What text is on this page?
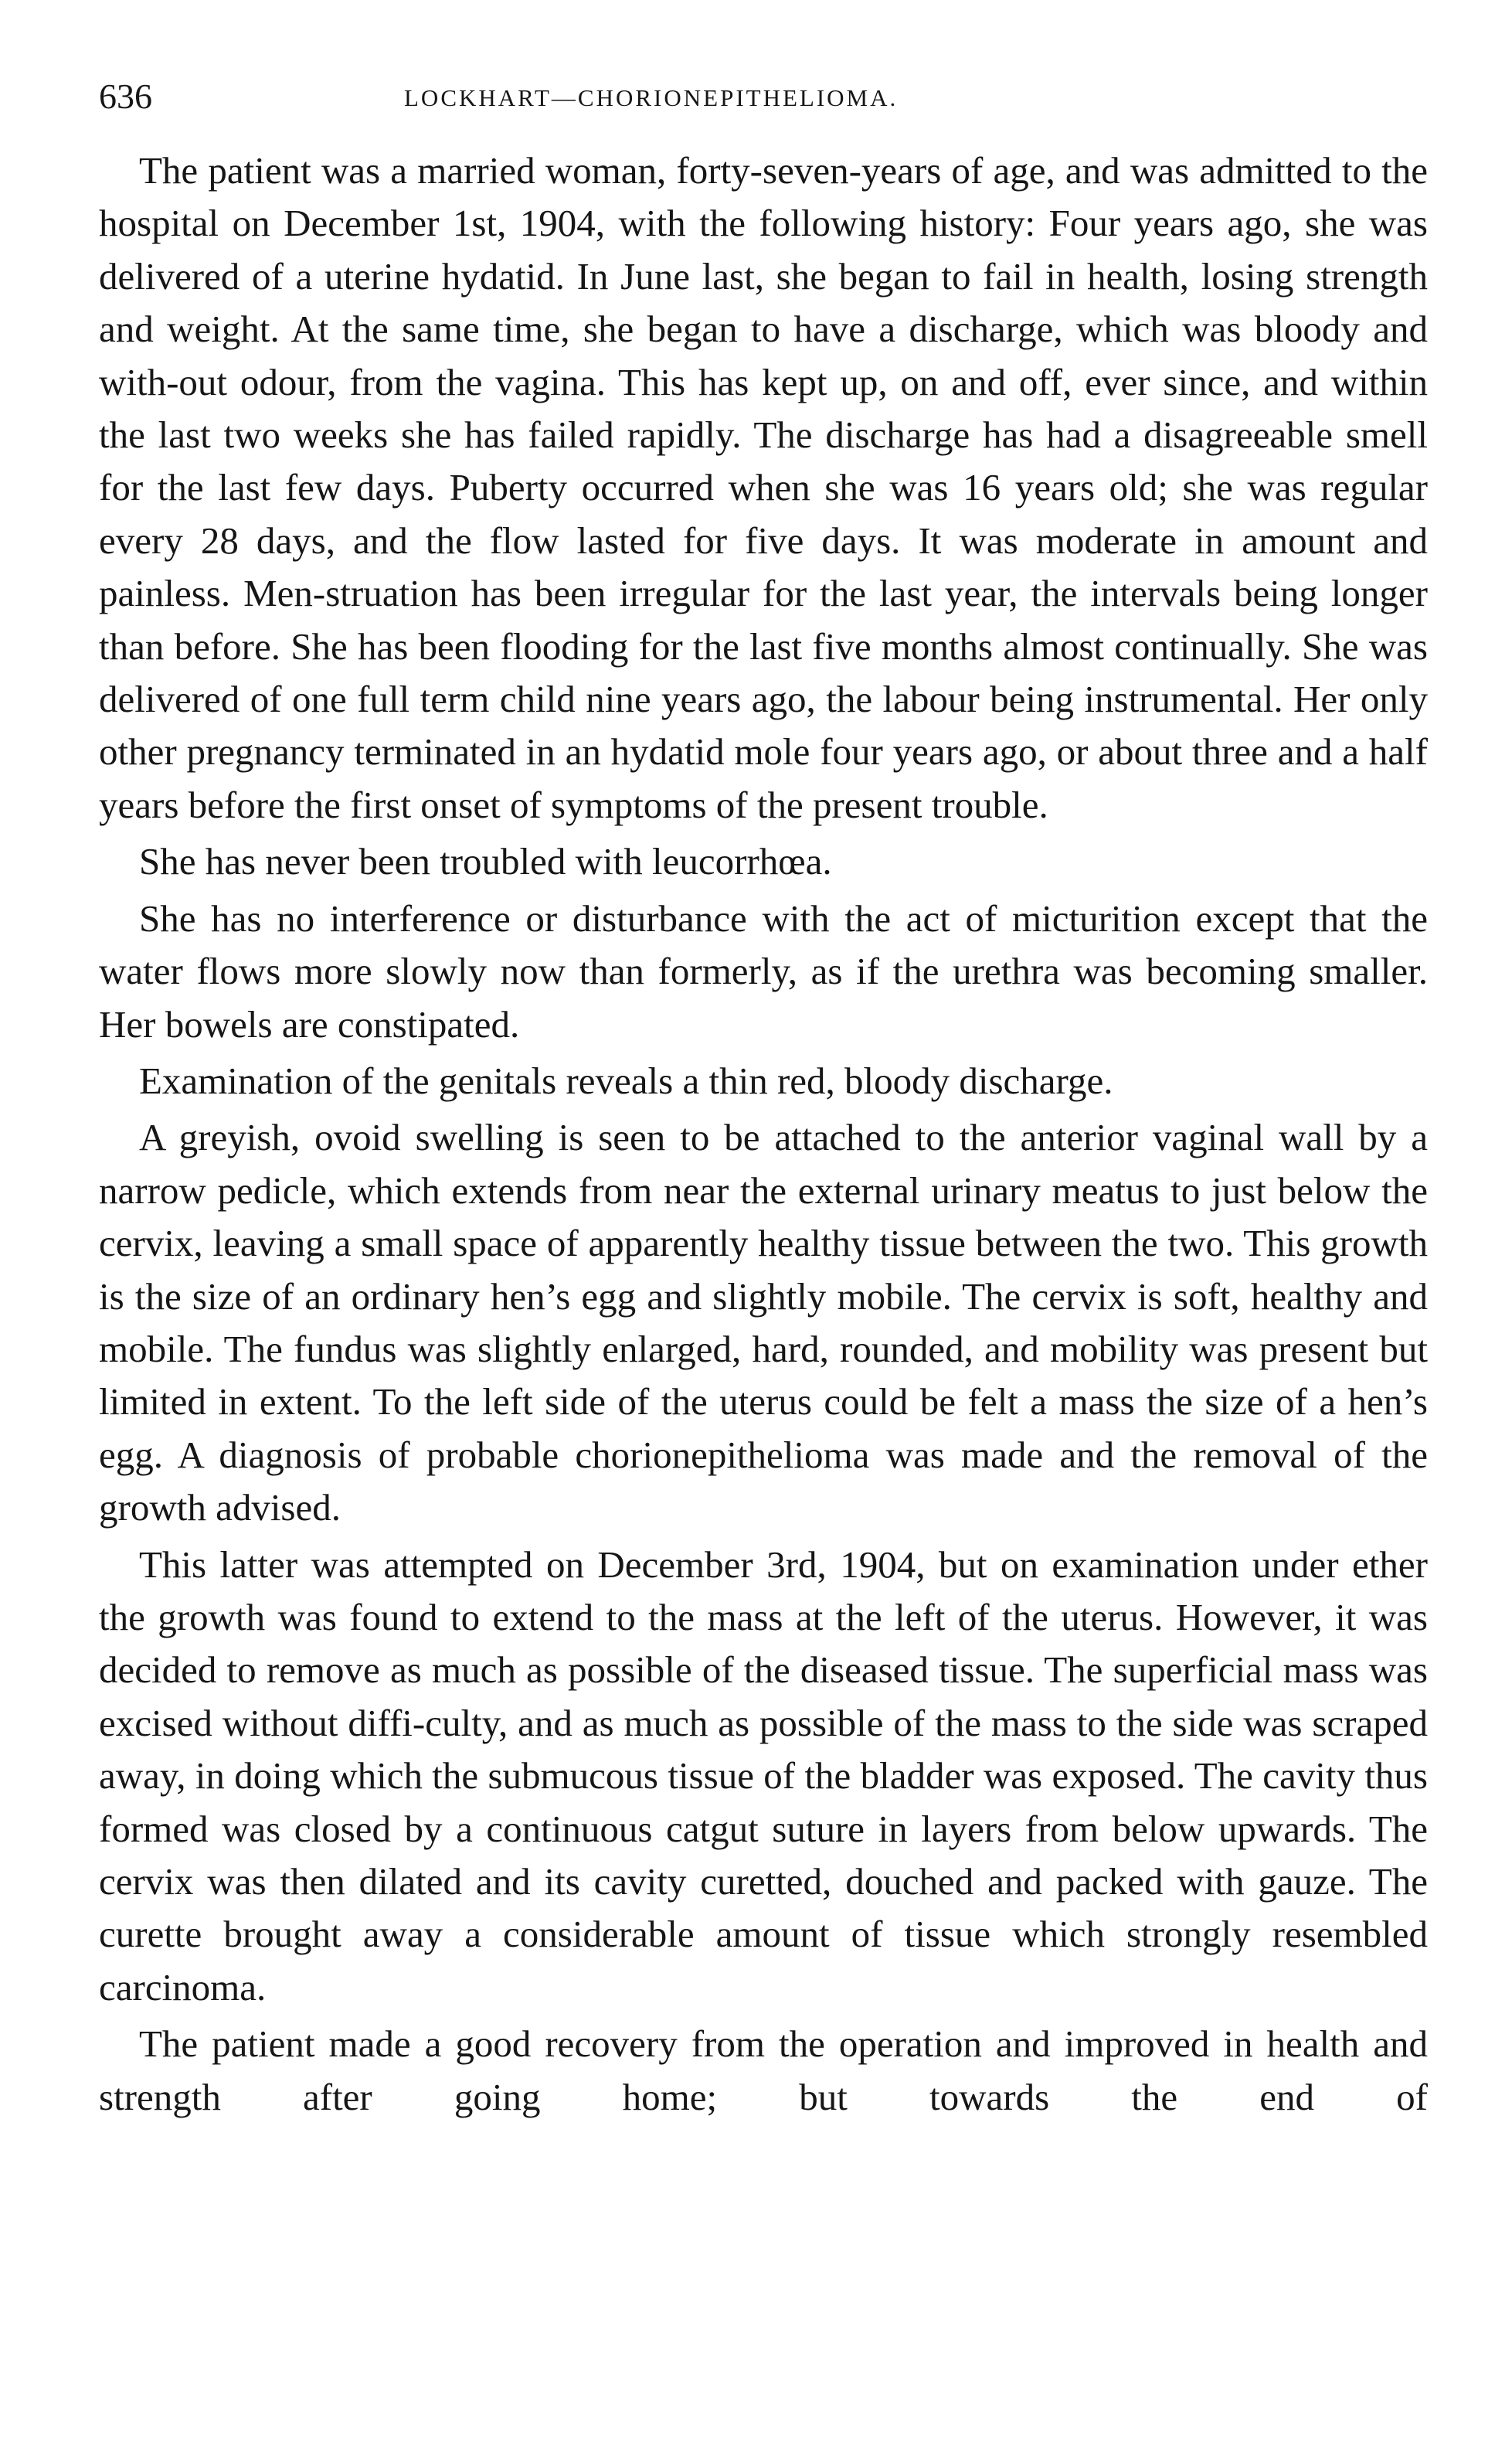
636	LOCKHART—CHORIONEPITHELIOMA.

The patient was a married woman, forty-seven-years of age, and was admitted to the hospital on December 1st, 1904, with the following history: Four years ago, she was delivered of a uterine hydatid. In June last, she began to fail in health, losing strength and weight. At the same time, she began to have a discharge, which was bloody and with-out odour, from the vagina. This has kept up, on and off, ever since, and within the last two weeks she has failed rapidly. The discharge has had a disagreeable smell for the last few days. Puberty occurred when she was 16 years old; she was regular every 28 days, and the flow lasted for five days. It was moderate in amount and painless. Men-struation has been irregular for the last year, the intervals being longer than before. She has been flooding for the last five months almost continually. She was delivered of one full term child nine years ago, the labour being instrumental. Her only other pregnancy terminated in an hydatid mole four years ago, or about three and a half years before the first onset of symptoms of the present trouble.

She has never been troubled with leucorrhœa.

She has no interference or disturbance with the act of micturition except that the water flows more slowly now than formerly, as if the urethra was becoming smaller. Her bowels are constipated.

Examination of the genitals reveals a thin red, bloody discharge.

A greyish, ovoid swelling is seen to be attached to the anterior vaginal wall by a narrow pedicle, which extends from near the external urinary meatus to just below the cervix, leaving a small space of apparently healthy tissue between the two. This growth is the size of an ordinary hen’s egg and slightly mobile. The cervix is soft, healthy and mobile. The fundus was slightly enlarged, hard, rounded, and mobility was present but limited in extent. To the left side of the uterus could be felt a mass the size of a hen’s egg. A diagnosis of probable chorionepithelioma was made and the removal of the growth advised.

This latter was attempted on December 3rd, 1904, but on examination under ether the growth was found to extend to the mass at the left of the uterus. However, it was decided to remove as much as possible of the diseased tissue. The superficial mass was excised without diffi-culty, and as much as possible of the mass to the side was scraped away, in doing which the submucous tissue of the bladder was exposed. The cavity thus formed was closed by a continuous catgut suture in layers from below upwards. The cervix was then dilated and its cavity curetted, douched and packed with gauze. The curette brought away a considerable amount of tissue which strongly resembled carcinoma.

The patient made a good recovery from the operation and improved in health and strength after going home; but towards the end of
